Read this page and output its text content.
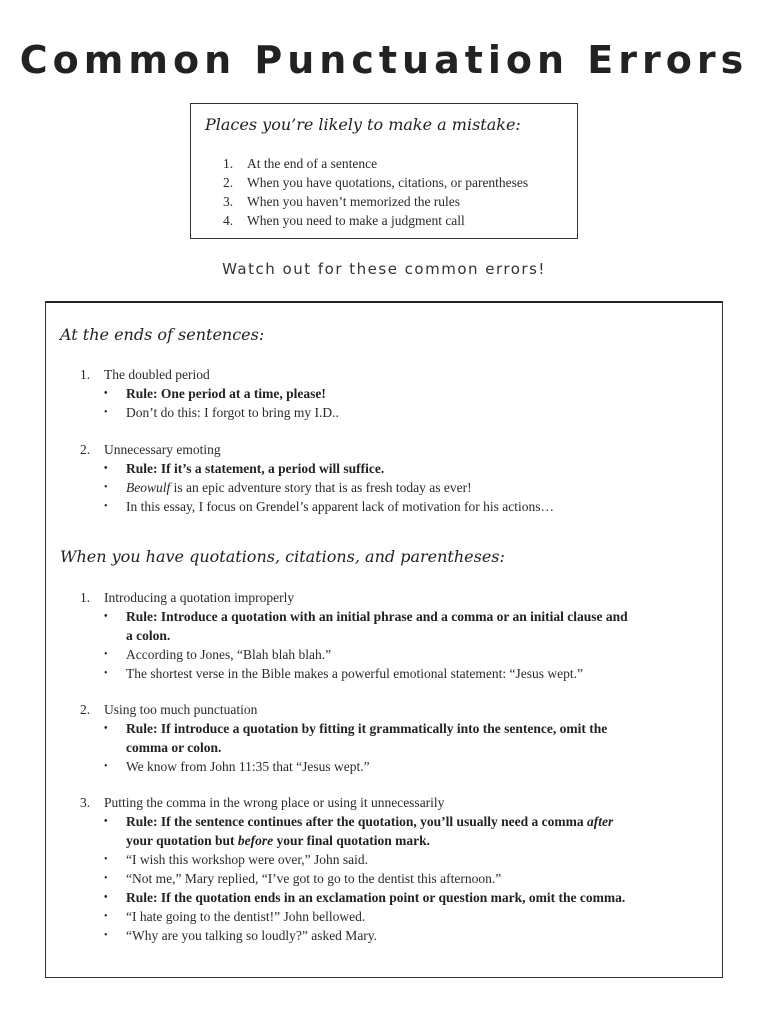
Common Punctuation Errors
Places you’re likely to make a mistake:
1. At the end of a sentence
2. When you have quotations, citations, or parentheses
3. When you haven’t memorized the rules
4. When you need to make a judgment call
Watch out for these common errors!
At the ends of sentences:
1. The doubled period
• Rule: One period at a time, please!
• Don’t do this: I forgot to bring my I.D..
2. Unnecessary emoting
• Rule: If it’s a statement, a period will suffice.
• Beowulf is an epic adventure story that is as fresh today as ever!
• In this essay, I focus on Grendel’s apparent lack of motivation for his actions…
When you have quotations, citations, and parentheses:
1. Introducing a quotation improperly
• Rule: Introduce a quotation with an initial phrase and a comma or an initial clause and
a colon.
• According to Jones, “Blah blah blah.”
• The shortest verse in the Bible makes a powerful emotional statement: “Jesus wept.”
2. Using too much punctuation
• Rule: If introduce a quotation by fitting it grammatically into the sentence, omit the
comma or colon.
• We know from John 11:35 that “Jesus wept.”
3. Putting the comma in the wrong place or using it unnecessarily
• Rule: If the sentence continues after the quotation, you’ll usually need a comma after
your quotation but before your final quotation mark.
• “I wish this workshop were over,” John said.
• “Not me,” Mary replied, “I’ve got to go to the dentist this afternoon.”
• Rule: If the quotation ends in an exclamation point or question mark, omit the comma.
• “I hate going to the dentist!” John bellowed.
• “Why are you talking so loudly?” asked Mary.
